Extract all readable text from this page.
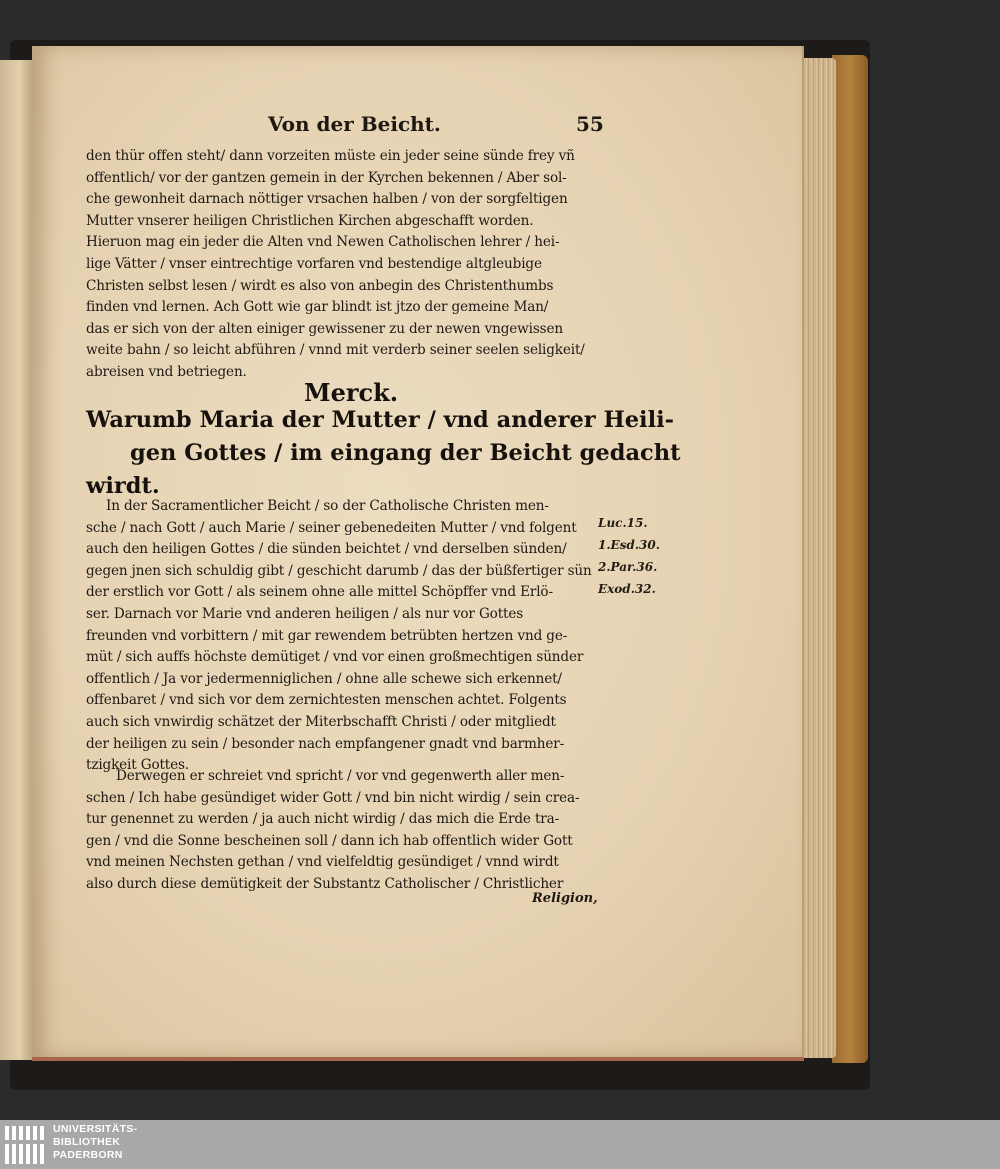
Von der Beicht.	55
den thür offen steht/ dann vorzeiten müste ein jeder seine sünde frey vñ
offentlich/ vor der gantzen gemein in der Kyrchen bekennen / Aber sol-
che gewonheit darnach nöttiger vrsachen halben / von der sorgfeltigen
Mutter vnserer heiligen Christlichen Kirchen abgeschafft worden.
Hieruon mag ein jeder die Alten vnd Newen Catholischen lehrer / hei-
lige Vätter / vnser eintrechtige vorfaren vnd bestendige altgleubige
Christen selbst lesen / wirdt es also von anbegin des Christenthumbs
finden vnd lernen. Ach Gott wie gar blindt ist jtzo der gemeine Man/
das er sich von der alten einiger gewissener zu der newen vngewissen
weite bahn / so leicht abführen / vnnd mit verderb seiner seelen seligkeit/
abreisen vnd betriegen.
Merck.
Warumb Maria der Mutter / vnd anderer Heili-
gen Gottes / im eingang der Beicht gedacht
wirdt.
In der Sacramentlicher Beicht / so der Catholische Christen men-
sche / nach Gott / auch Marie / seiner gebenedeiten Mutter / vnd folgent
auch den heiligen Gottes / die sünden beichtet / vnd derselben sünden/
gegen jnen sich schuldig gibt / geschicht darumb / das der büßfertiger sün
der erstlich vor Gott / als seinem ohne alle mittel Schöpffer vnd Erlö-
ser. Darnach vor Marie vnd anderen heiligen / als nur vor Gottes
freunden vnd vorbittern / mit gar rewendem betrübten hertzen vnd ge-
müt / sich auffs höchste demütiget / vnd vor einen großmechtigen sünder
offentlich / Ja vor jedermenniglichen / ohne alle schewe sich erkennet/
offenbaret / vnd sich vor dem zernichtesten menschen achtet. Folgents
auch sich vnwirdig schätzet der Miterbschafft Christi / oder mitgliedt
der heiligen zu sein / besonder nach empfangener gnadt vnd barmher-
tzigkeit Gottes.
Derwegen er schreiet vnd spricht / vor vnd gegenwerth aller men-
schen / Ich habe gesündiget wider Gott / vnd bin nicht wirdig / sein crea-
tur genennet zu werden / ja auch nicht wirdig / das mich die Erde tra-
gen / vnd die Sonne bescheinen soll / dann ich hab offentlich wider Gott
vnd meinen Nechsten gethan / vnd vielfeldtig gesündiget / vnnd wirdt
also durch diese demütigkeit der Substantz Catholischer / Christlicher
Religion,
Luc.15.
1.Esd.30.
2.Par.36.
Exod.32.
UNIVERSITÄTS-
BIBLIOTHEK
PADERBORN
